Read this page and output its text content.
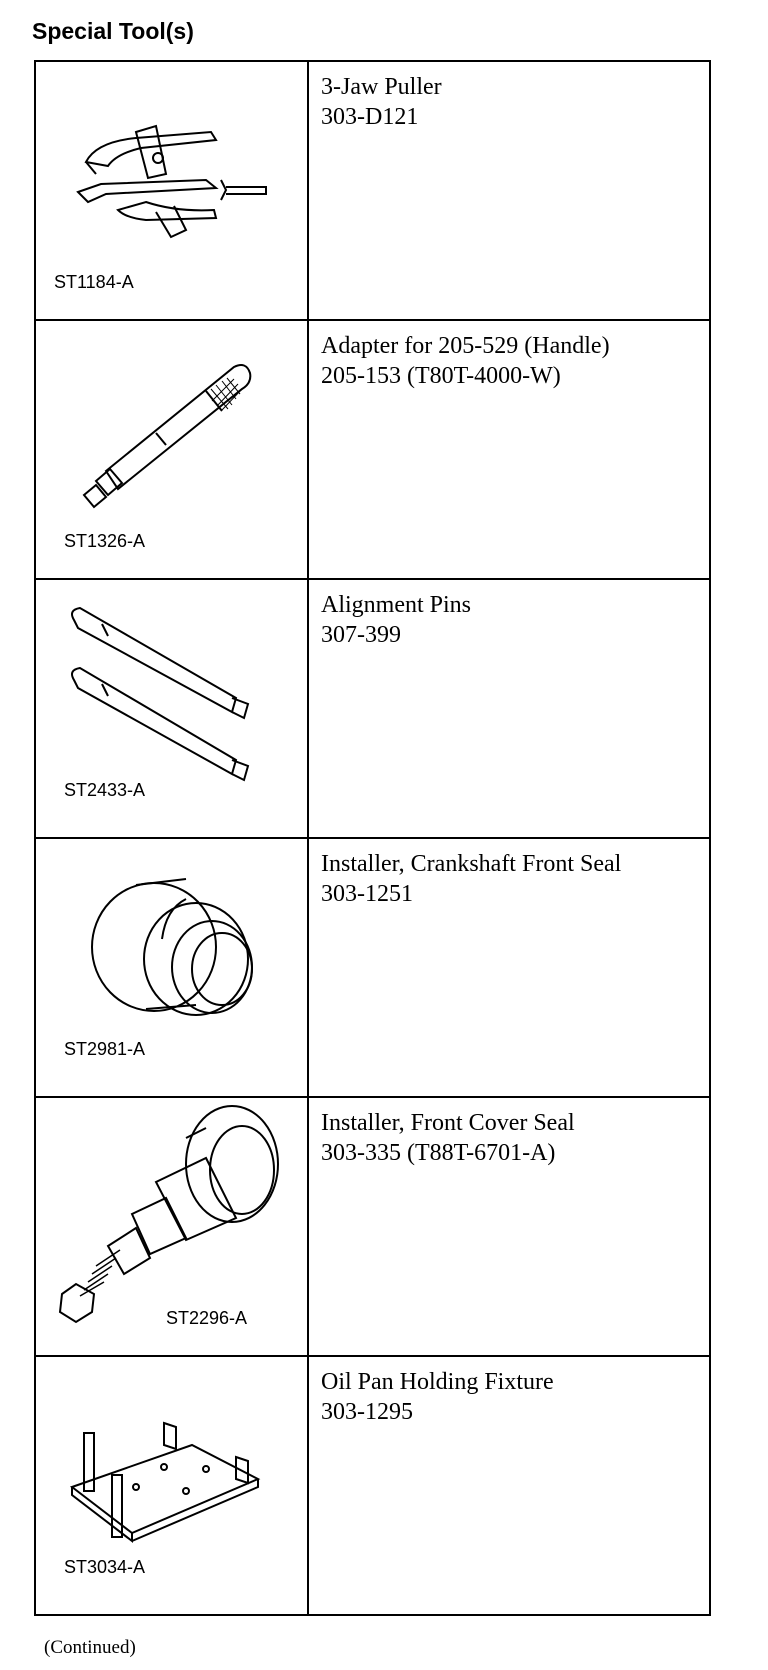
Special Tool(s)
ST1184-A
3-Jaw Puller
303-D121
ST1326-A
Adapter for 205-529 (Handle)
205-153 (T80T-4000-W)
ST2433-A
Alignment Pins
307-399
ST2981-A
Installer, Crankshaft Front Seal
303-1251
ST2296-A
Installer, Front Cover Seal
303-335 (T88T-6701-A)
ST3034-A
Oil Pan Holding Fixture
303-1295
(Continued)
